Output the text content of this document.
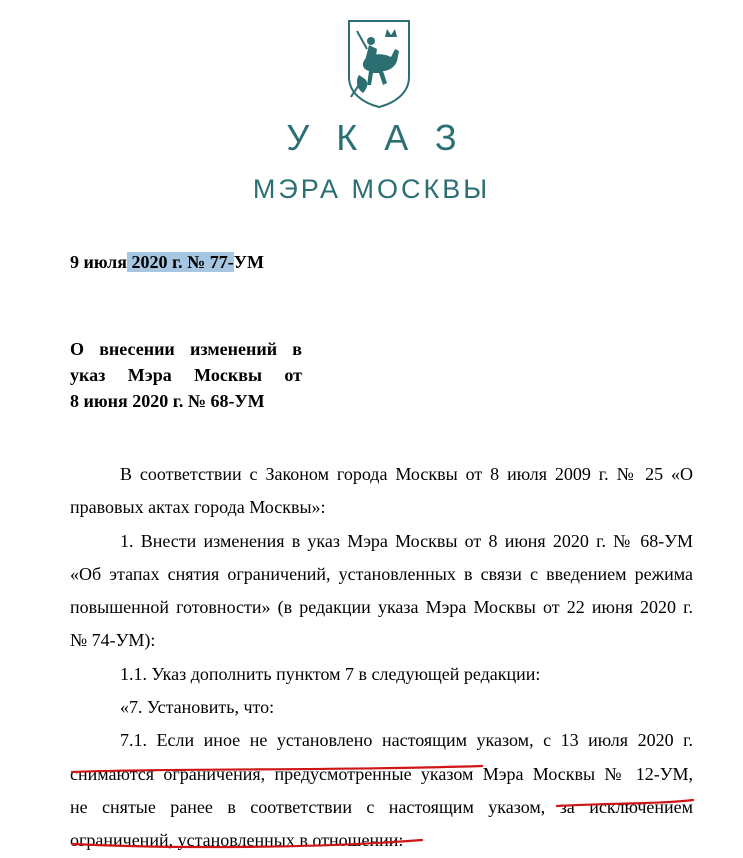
УКАЗ
МЭРА МОСКВЫ
9 июля 2020 г. № 77-УМ
О внесении изменений в
указ Мэра Москвы от
8 июня 2020 г. № 68-УМ
В соответствии с Законом города Москвы от 8 июля 2009 г. № 25 «О
правовых актах города Москвы»:
1. Внести изменения в указ Мэра Москвы от 8 июня 2020 г. № 68-УМ
«Об этапах снятия ограничений, установленных в связи с введением режима
повышенной готовности» (в редакции указа Мэра Москвы от 22 июня 2020 г.
№ 74-УМ):
1.1. Указ дополнить пунктом 7 в следующей редакции:
«7. Установить, что:
7.1. Если иное не установлено настоящим указом, с 13 июля 2020 г.
снимаются ограничения, предусмотренные указом Мэра Москвы № 12-УМ,
не снятые ранее в соответствии с настоящим указом, за исключением
ограничений, установленных в отношении:
